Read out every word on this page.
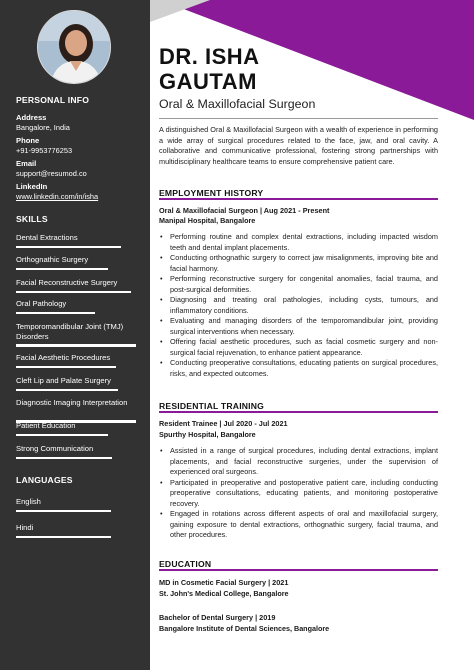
PERSONAL INFO
Address
Bangalore, India
Phone
+91-9953776253
Email
support@resumod.co
LinkedIn
www.linkedin.com/in/isha
SKILLS
Dental Extractions
Orthognathic Surgery
Facial Reconstructive Surgery
Oral Pathology
Temporomandibular Joint (TMJ) Disorders
Facial Aesthetic Procedures
Cleft Lip and Palate Surgery
Diagnostic Imaging Interpretation
Patient Education
Strong Communication
LANGUAGES
English
Hindi
DR. ISHA
GAUTAM
Oral & Maxillofacial Surgeon
A distinguished Oral & Maxillofacial Surgeon with a wealth of experience in performing a wide array of surgical procedures related to the face, jaw, and oral cavity. A collaborative and communicative professional, fostering strong partnerships with multidisciplinary healthcare teams to ensure comprehensive patient care.
EMPLOYMENT HISTORY
Oral & Maxillofacial Surgeon | Aug 2021 - Present
Manipal Hospital, Bangalore
• Performing routine and complex dental extractions, including impacted wisdom teeth and dental implant placements.
• Conducting orthognathic surgery to correct jaw misalignments, improving bite and facial harmony.
• Performing reconstructive surgery for congenital anomalies, facial trauma, and post-surgical deformities.
• Diagnosing and treating oral pathologies, including cysts, tumours, and inflammatory conditions.
• Evaluating and managing disorders of the temporomandibular joint, providing surgical interventions when necessary.
• Offering facial aesthetic procedures, such as facial cosmetic surgery and non-surgical facial rejuvenation, to enhance patient appearance.
• Conducting preoperative consultations, educating patients on surgical procedures, risks, and expected outcomes.
RESIDENTIAL TRAINING
Resident Trainee | Jul 2020 - Jul 2021
Spurthy Hospital, Bangalore
• Assisted in a range of surgical procedures, including dental extractions, implant placements, and facial reconstructive surgeries, under the supervision of experienced oral surgeons.
• Participated in preoperative and postoperative patient care, including conducting preoperative consultations, educating patients, and monitoring postoperative recovery.
• Engaged in rotations across different aspects of oral and maxillofacial surgery, gaining exposure to dental extractions, orthognathic surgery, facial trauma, and other procedures.
EDUCATION
MD in Cosmetic Facial Surgery | 2021
St. John's Medical College, Bangalore
Bachelor of Dental Surgery | 2019
Bangalore Institute of Dental Sciences, Bangalore
